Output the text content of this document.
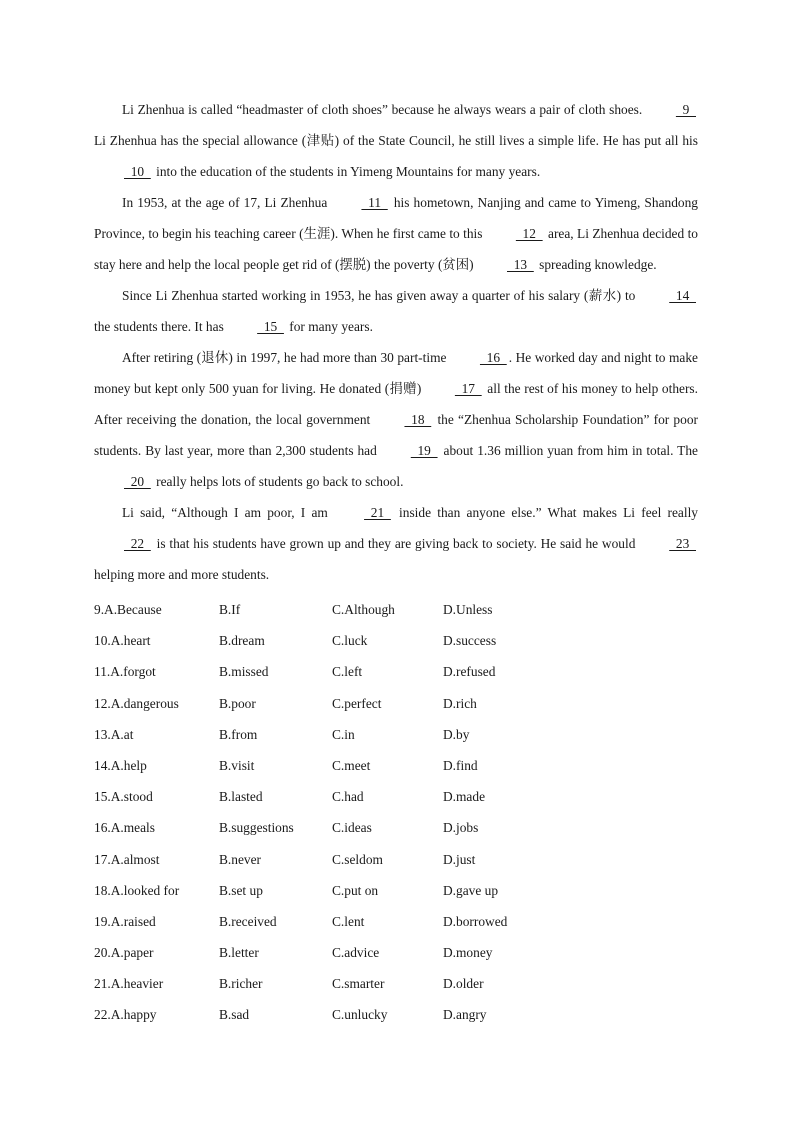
Li Zhenhua is called “headmaster of cloth shoes” because he always wears a pair of cloth shoes.   9   Li Zhenhua has the special allowance (津贴) of the State Council, he still lives a simple life. He has put all his   10   into the education of the students in Yimeng Mountains for many years.

In 1953, at the age of 17, Li Zhenhua   11   his hometown, Nanjing and came to Yimeng, Shandong Province, to begin his teaching career (生涯). When he first came to this   12   area, Li Zhenhua decided to stay here and help the local people get rid of (摆脱) the poverty (贫困)   13   spreading knowledge.

Since Li Zhenhua started working in 1953, he has given away a quarter of his salary (薪水) to   14   the students there. It has   15   for many years.

After retiring (退休) in 1997, he had more than 30 part-time   16  . He worked day and night to make money but kept only 500 yuan for living. He donated (捐赠)   17   all the rest of his money to help others. After receiving the donation, the local government   18   the “Zhenhua Scholarship Foundation” for poor students. By last year, more than 2,300 students had   19   about 1.36 million yuan from him in total. The   20   really helps lots of students go back to school.

Li said, “Although I am poor, I am   21   inside than anyone else.” What makes Li feel really   22   is that his students have grown up and they are giving back to society. He said he would   23   helping more and more students.

9.A.Because	B.If	C.Although	D.Unless
10.A.heart	B.dream	C.luck	D.success
11.A.forgot	B.missed	C.left	D.refused
12.A.dangerous	B.poor	C.perfect	D.rich
13.A.at	B.from	C.in	D.by
14.A.help	B.visit	C.meet	D.find
15.A.stood	B.lasted	C.had	D.made
16.A.meals	B.suggestions	C.ideas	D.jobs
17.A.almost	B.never	C.seldom	D.just
18.A.looked for	B.set up	C.put on	D.gave up
19.A.raised	B.received	C.lent	D.borrowed
20.A.paper	B.letter	C.advice	D.money
21.A.heavier	B.richer	C.smarter	D.older
22.A.happy	B.sad	C.unlucky	D.angry
